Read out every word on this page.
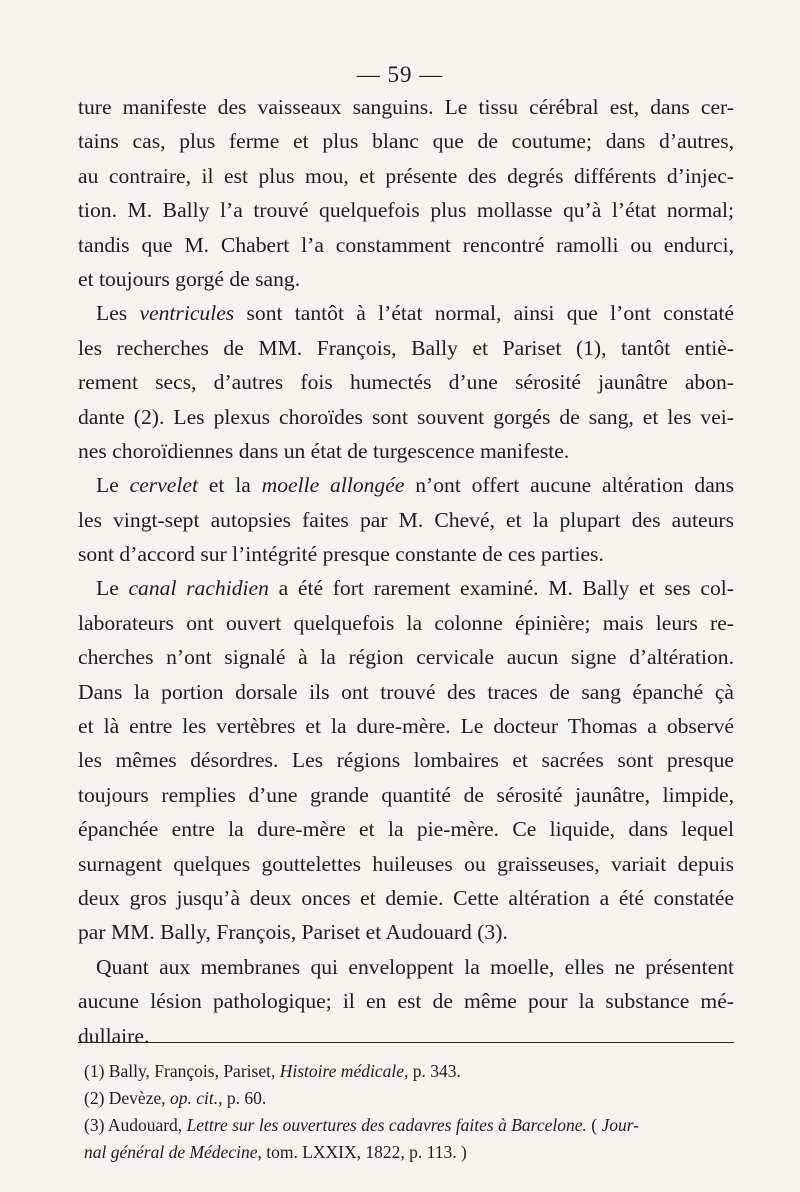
— 59 —
ture manifeste des vaisseaux sanguins. Le tissu cérébral est, dans cer-
tains cas, plus ferme et plus blanc que de coutume; dans d’autres,
au contraire, il est plus mou, et présente des degrés différents d’injec-
tion. M. Bally l’a trouvé quelquefois plus mollasse qu’à l’état normal;
tandis que M. Chabert l’a constamment rencontré ramolli ou endurci,
et toujours gorgé de sang.
Les ventricules sont tantôt à l’état normal, ainsi que l’ont constaté
les recherches de MM. François, Bally et Pariset (1), tantôt entiè-
rement secs, d’autres fois humectés d’une sérosité jaunâtre abon-
dante (2). Les plexus choroïdes sont souvent gorgés de sang, et les vei-
nes choroïdiennes dans un état de turgescence manifeste.
Le cervelet et la moelle allongée n’ont offert aucune altération dans
les vingt-sept autopsies faites par M. Chevé, et la plupart des auteurs
sont d’accord sur l’intégrité presque constante de ces parties.
Le canal rachidien a été fort rarement examiné. M. Bally et ses col-
laborateurs ont ouvert quelquefois la colonne épinière; mais leurs re-
cherches n’ont signalé à la région cervicale aucun signe d’altération.
Dans la portion dorsale ils ont trouvé des traces de sang épanché çà
et là entre les vertèbres et la dure-mère. Le docteur Thomas a observé
les mêmes désordres. Les régions lombaires et sacrées sont presque
toujours remplies d’une grande quantité de sérosité jaunâtre, limpide,
épanchée entre la dure-mère et la pie-mère. Ce liquide, dans lequel
surnagent quelques gouttelettes huileuses ou graisseuses, variait depuis
deux gros jusqu’à deux onces et demie. Cette altération a été constatée
par MM. Bally, François, Pariset et Audouard (3).
Quant aux membranes qui enveloppent la moelle, elles ne présentent
aucune lésion pathologique; il en est de même pour la substance mé-
dullaire.
(1) Bally, François, Pariset, Histoire médicale, p. 343.
(2) Devèze, op. cit., p. 60.
(3) Audouard, Lettre sur les ouvertures des cadavres faites à Barcelone. ( Jour-
nal général de Médecine, tom. LXXIX, 1822, p. 113. )
